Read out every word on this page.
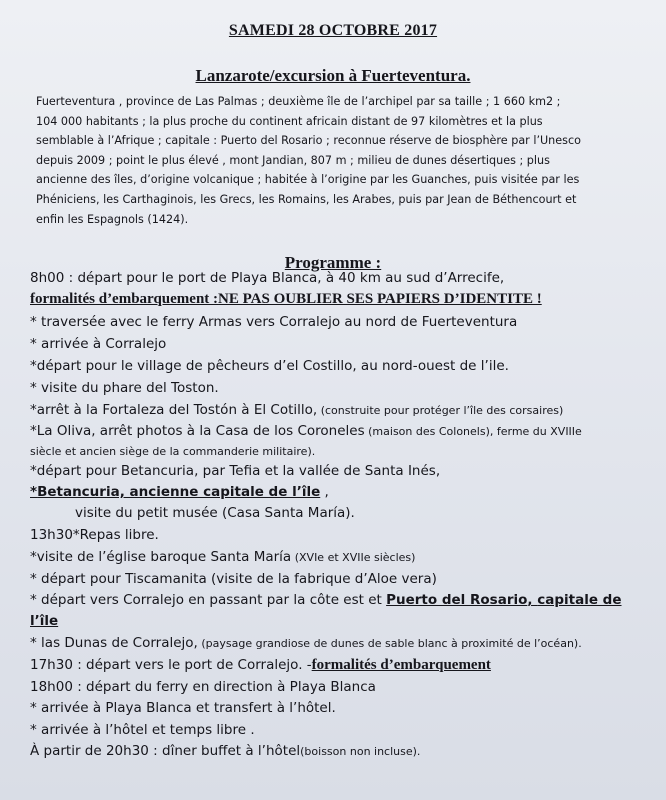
SAMEDI 28 OCTOBRE 2017
Lanzarote/excursion à Fuerteventura.
Fuerteventura , province de Las Palmas ; deuxième île de l’archipel par sa taille ; 1 660 km2 ;
104 000 habitants ; la plus proche du continent africain distant de 97 kilomètres et la plus
semblable à l’Afrique ; capitale : Puerto del Rosario ; reconnue réserve de biosphère par l’Unesco
depuis 2009 ; point le plus élevé , mont Jandian, 807 m ; milieu de dunes désertiques ; plus
ancienne des îles, d’origine volcanique ; habitée à l’origine par les Guanches, puis visitée par les
Phéniciens, les Carthaginois, les Grecs, les Romains, les Arabes, puis par Jean de Béthencourt et
enfin les Espagnols (1424).
Programme :
8h00 : départ pour le port de Playa Blanca, à 40 km au sud d’Arrecife,
formalités d’embarquement :NE PAS OUBLIER SES PAPIERS D’IDENTITE !
* traversée avec le ferry Armas vers Corralejo au nord de Fuerteventura
* arrivée à Corralejo
*départ pour le village de pêcheurs d’el Costillo, au nord-ouest de l’ile.
* visite du phare del Toston.
*arrêt à la Fortaleza del Tostón à El Cotillo, (construite pour protéger l’île des corsaires)
*La Oliva, arrêt photos à la Casa de los Coroneles (maison des Colonels), ferme du XVIIIe
siècle et ancien siège de la commanderie militaire).
*départ pour Betancuria, par Tefia et la vallée de Santa Inés,
*Betancuria, ancienne capitale de l’île ,
visite du petit musée (Casa Santa María).
13h30*Repas libre.
*visite de l’église baroque Santa María (XVIe et XVIIe siècles)
* départ pour Tiscamanita (visite de la fabrique d’Aloe vera)
* départ vers Corralejo en passant par la côte est et Puerto del Rosario, capitale de
l’île
* las Dunas de Corralejo, (paysage grandiose de dunes de sable blanc à proximité de l’océan).
17h30 : départ vers le port de Corralejo. -formalités d’embarquement
18h00 : départ du ferry en direction à Playa Blanca
* arrivée à Playa Blanca et transfert à l’hôtel.
* arrivée à l’hôtel et temps libre .
À partir de 20h30 : dîner buffet à l’hôtel(boisson non incluse).
